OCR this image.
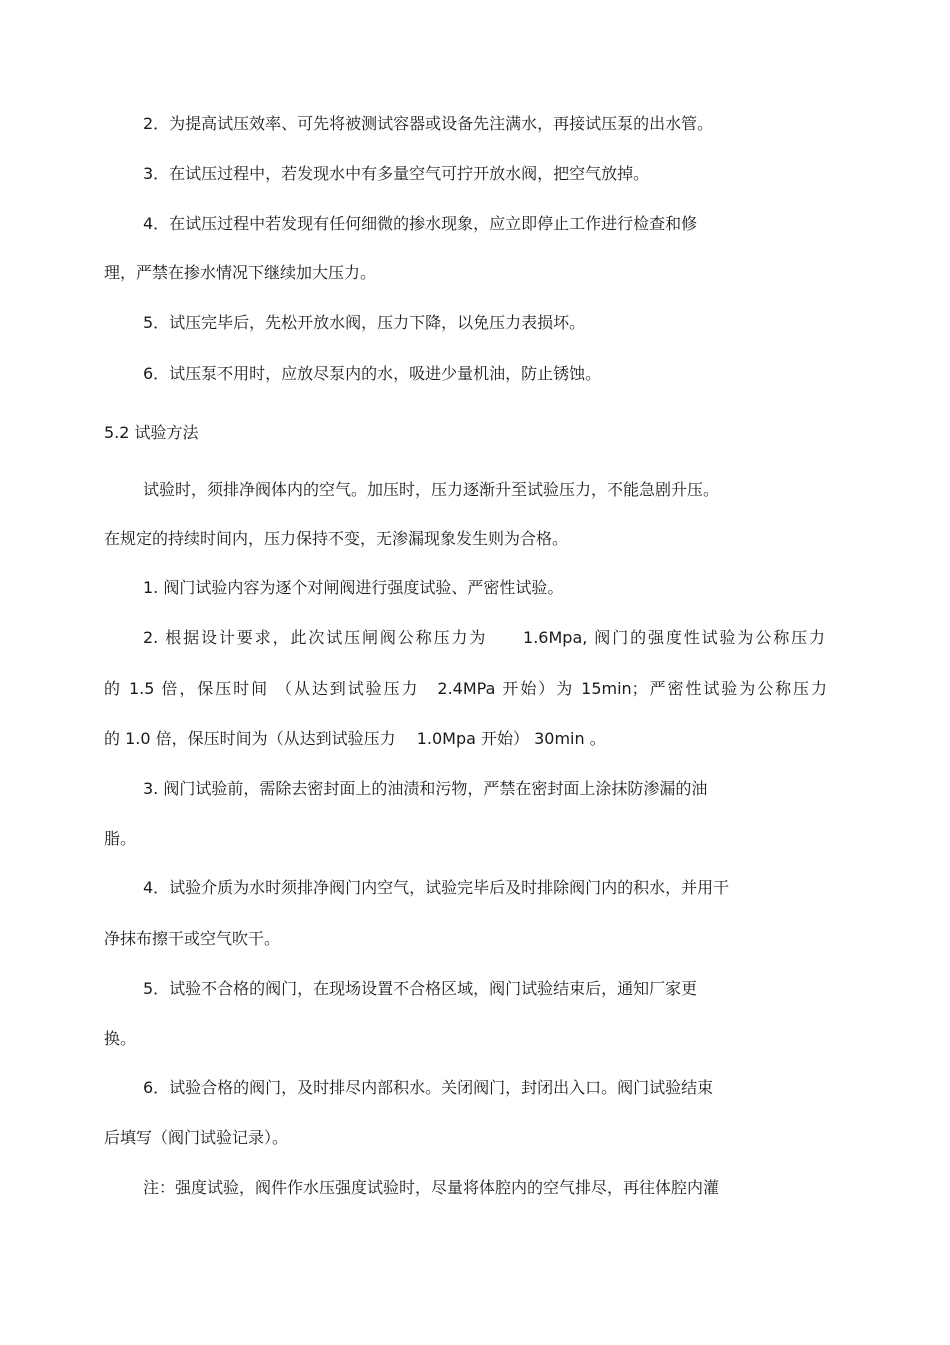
2．为提高试压效率、可先将被测试容器或设备先注满水，再接试压泵的出水管。
3．在试压过程中，若发现水中有多量空气可拧开放水阀，把空气放掉。
4．在试压过程中若发现有任何细微的掺水现象，应立即停止工作进行检查和修
理，严禁在掺水情况下继续加大压力。
5．试压完毕后，先松开放水阀，压力下降，以免压力表损坏。
6．试压泵不用时，应放尽泵内的水，吸进少量机油，防止锈蚀。
5.2 试验方法
试验时，须排净阀体内的空气。加压时，压力逐渐升至试验压力，不能急剧升压。
在规定的持续时间内，压力保持不变，无渗漏现象发生则为合格。
1. 阀门试验内容为逐个对闸阀进行强度试验、严密性试验。
2. 根据设计要求，此次试压闸阀公称压力为　　1.6Mpa, 阀门的强度性试验为公称压力
的 1.5 倍，保压时间 （从达到试验压力　2.4MPa 开始）为 15min；严密性试验为公称压力
的 1.0 倍，保压时间为（从达到试验压力　 1.0Mpa 开始） 30min 。
3. 阀门试验前，需除去密封面上的油渍和污物，严禁在密封面上涂抹防渗漏的油
脂。
4．试验介质为水时须排净阀门内空气，试验完毕后及时排除阀门内的积水，并用干
净抹布擦干或空气吹干。
5．试验不合格的阀门，在现场设置不合格区域，阀门试验结束后，通知厂家更
换。
6．试验合格的阀门，及时排尽内部积水。关闭阀门，封闭出入口。阀门试验结束
后填写（阀门试验记录）。
注：强度试验，阀件作水压强度试验时，尽量将体腔内的空气排尽，再往体腔内灌
